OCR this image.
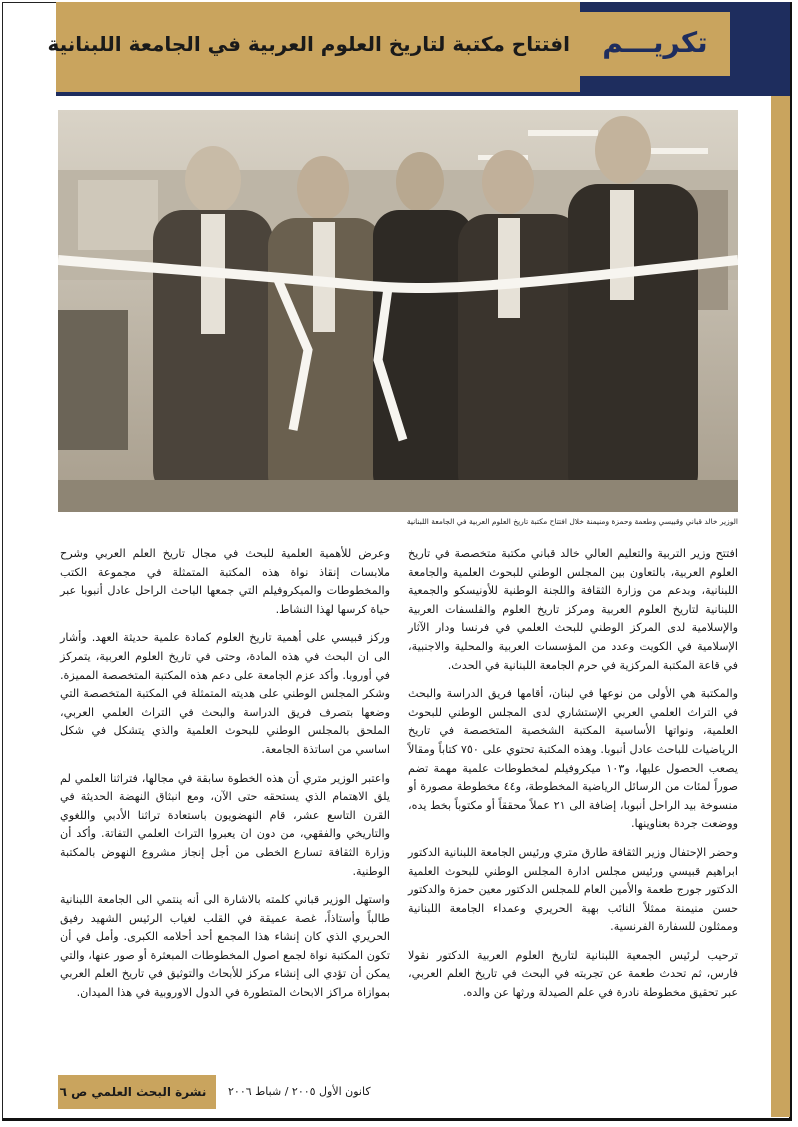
تكريـــم
افتتاح مكتبة لتاريخ العلوم العربية في الجامعة اللبنانية
الوزير خالد قباني وقبيسي وطعمة وحمزة ومنيمنة خلال افتتاح مكتبة تاريخ العلوم العربية في الجامعة اللبنانية

افتتح وزير التربية والتعليم العالي خالد قباني مكتبة متخصصة في تاريخ العلوم العربية، بالتعاون بين المجلس الوطني للبحوث العلمية والجامعة اللبنانية، وبدعم من وزارة الثقافة واللجنة الوطنية للأونيسكو والجمعية اللبنانية لتاريخ العلوم العربية ومركز تاريخ العلوم والفلسفات العربية والإسلامية لدى المركز الوطني للبحث العلمي في فرنسا ودار الآثار الإسلامية في الكويت وعدد من المؤسسات العربية والمحلية والاجنبية، في قاعة المكتبة المركزية في حرم الجامعة اللبنانية في الحدث.

والمكتبة هي الأولى من نوعها في لبنان، أقامها فريق الدراسة والبحث في التراث العلمي العربي الإستشاري لدى المجلس الوطني للبحوث العلمية، ونواتها الأساسية المكتبة الشخصية المتخصصة في تاريخ الرياضيات للباحث عادل أنبوبا. وهذه المكتبة تحتوي على ٧٥٠ كتاباً ومقالاً يصعب الحصول عليها، و١٠٣ ميكروفيلم لمخطوطات علمية مهمة تضم صوراً لمئات من الرسائل الرياضية المخطوطة، و٤٤ مخطوطة مصورة أو منسوخة بيد الراحل أنبوبا، إضافة الى ٢١ عملاً محققاً أو مكتوباً بخط يده، ووضعت جردة بعناوينها.

وحضر الإحتفال وزير الثقافة طارق متري ورئيس الجامعة اللبنانية الدكتور ابراهيم قبيسي ورئيس مجلس ادارة المجلس الوطني للبحوث العلمية الدكتور جورج طعمة والأمين العام للمجلس الدكتور معين حمزة والدكتور حسن منيمنة ممثلاً النائب بهية الحريري وعمداء الجامعة اللبنانية وممثلون للسفارة الفرنسية.

ترحيب لرئيس الجمعية اللبنانية لتاريخ العلوم العربية الدكتور نقولا فارس، ثم تحدث طعمة عن تجربته في البحث في تاريخ العلم العربي، عبر تحقيق مخطوطة نادرة في علم الصيدلة ورثها عن والده.

وعرض للأهمية العلمية للبحث في مجال تاريخ العلم العربي وشرح ملابسات إنقاذ نواة هذه المكتبة المتمثلة في مجموعة الكتب والمخطوطات والميكروفيلم التي جمعها الباحث الراحل عادل أنبوبا عبر حياة كرسها لهذا النشاط.

وركز قبيسي على أهمية تاريخ العلوم كمادة علمية حديثة العهد. وأشار الى ان البحث في هذه المادة، وحتى في تاريخ العلوم العربية، يتمركز في أوروبا. وأكد عزم الجامعة على دعم هذه المكتبة المتخصصة المميزة. وشكر المجلس الوطني على هديته المتمثلة في المكتبة المتخصصة التي وضعها بتصرف فريق الدراسة والبحث في التراث العلمي العربي، الملحق بالمجلس الوطني للبحوث العلمية والذي يتشكل في شكل اساسي من اساتذة الجامعة.

واعتبر الوزير متري أن هذه الخطوة سابقة في مجالها، فتراثنا العلمي لم يلق الاهتمام الذي يستحقه حتى الآن، ومع انبثاق النهضة الحديثة في القرن التاسع عشر، قام النهضويون باستعادة تراثنا الأدبي واللغوي والتاريخي والفقهي، من دون ان يعبروا التراث العلمي التفاتة. وأكد أن وزارة الثقافة تسارع الخطى من أجل إنجاز مشروع النهوض بالمكتبة الوطنية.

واستهل الوزير قباني كلمته بالاشارة الى أنه ينتمي الى الجامعة اللبنانية طالباً وأستاذاً، غصة عميقة في القلب لغياب الرئيس الشهيد رفيق الحريري الذي كان إنشاء هذا المجمع أحد أحلامه الكبرى. وأمل في أن تكون المكتبة نواة لجمع اصول المخطوطات المبعثرة أو صور عنها، والتي يمكن أن تؤدي الى إنشاء مركز للأبحاث والتوثيق في تاريخ العلم العربي بموازاة مراكز الابحاث المتطورة في الدول الاوروبية في هذا الميدان.

نشرة البحث العلمي ص ٦ كانون الأول ٢٠٠٥ / شباط ٢٠٠٦
